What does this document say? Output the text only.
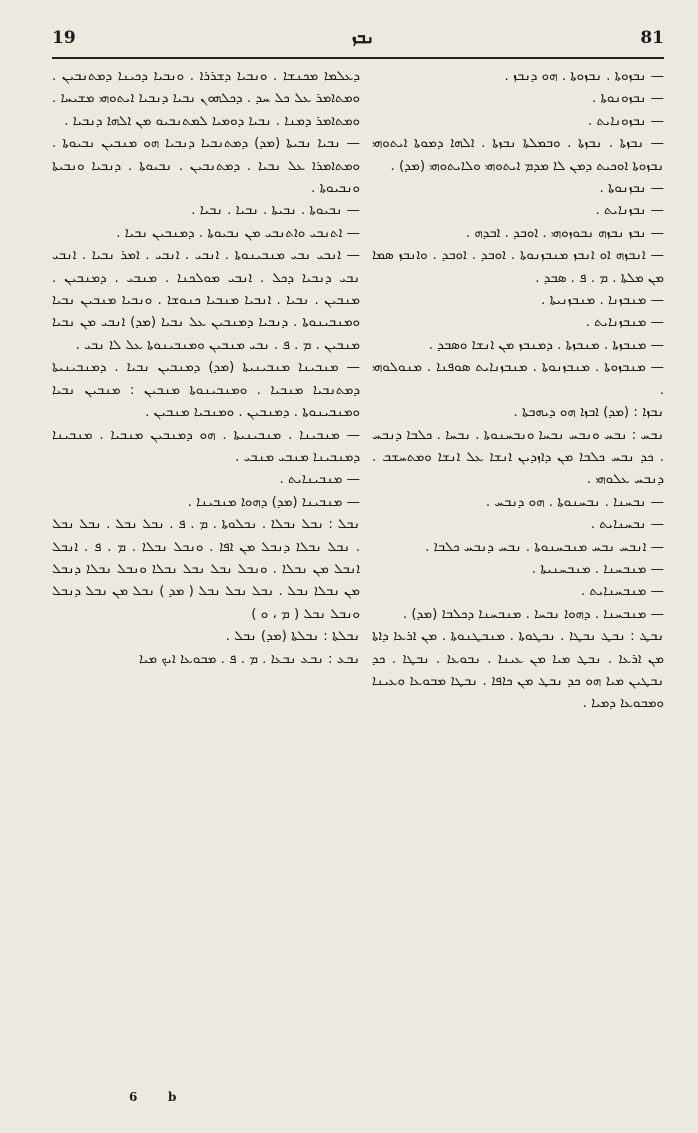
19	ܢܒܙ	81

— ܢܒܙܘܬܐ . ܢܒܙܘܬܐ . ܗܘ ܕܢܒܙ .

— ܢܒܙܘܢܘܬܐ .

— ܢܒܙܘܢܐܝܬ .

— ܢܒܙܬܐ . ܢܒܙܬܐ . ܘܒܡܠܬܐ ܢܒܙܬܐ . ܐܠܗܐ ܕܡܘܬܐ ܐܝܬܘܗܝ ܢܒܙܘܬܐ ܐܘܟܝܬ ܕܡܢ ܠܐ ܡܕܡ ܐܝܬܘܗܝ ܘܠܐܝܬܘܗܝ (ܡܕ) .

— ܢܒܙܢܘܬܐ .

— ܢܒܙܢܐܝܬ .

— ܢܒܙ ܢܒܙܗ ܢܒܘܙܘܗܝ . ܐܘܒܕ . ܐܒܕܗ .

— ܐܢܒܙܗ ܐܘ ܐܢܒܙ ܡܢܒܙܢܘܬܐ . ܐܘܒܕ . ܐܘܒܕ . ܘܐܢܒܙ ܣܡܐ ܡܢ ܡܠܬܐ . ܡ . ܦ . ܣܒܕ .

— ܡܢܒܙܢܐ . ܡܢܒܙܢܝܬܐ .

— ܡܢܒܙܢܐܝܬ .

— ܡܢܒܙܬܐ . ܡܢܒܙܬܐ . ܕܡܢܒܙ ܡܢ ܐܢܫܐ ܘܣܒܕ .

— ܡܢܒܙܘܬܐ . ܡܢܒܙܢܘܬܐ . ܡܢܒܙܢܐܝܬ ܣܘܦܢܐ . ܡܢܘܠܘܗܝ .

ܢܒܙܐ : (ܡܕ) ܐܒܙܐ ܗܘ ܕܝܗܒܬܐ .

ܢܒܚ : ܢܒܚ ܘܢܒܚ ܢܒܚܐ ܘܢܒܚܢܘܬܐ . ܢܒܚܐ . ܟܠܒܐ ܕܢܒܚ . ܟܕ ܢܒܚ ܟܠܒܐ ܡܢ ܕܐܙܕܝܢ ܐܢܫܐ ܥܠ ܐܢܫܐ ܘܡܬܚܫܒ . ܕܢܒܚ ܥܠܘܗܝ .

— ܢܒܚܢܐ . ܢܒܚܢܘܬܐ . ܗܘ ܕܢܒܚ .

— ܢܒܚܢܐܝܬ .

— ܐܢܒܚ ܢܒܚ ܡܢܒܚܢܘܬܐ . ܢܒܚ ܕܢܒܚ ܟܠܒܐ .

— ܡܢܒܚܢܐ . ܡܢܒܚܢܝܬܐ .

— ܡܢܒܚܢܐܝܬ .

— ܡܢܒܚܢܐ . ܕܗܘܐ ܢܒܚܐ . ܡܢܒܚܢܐ ܕܟܠܒܐ (ܡܕ) .

ܢܒܛ : ܢܒܛ ܢܒܛܐ . ܢܒܛܘܬܐ . ܡܢܒܛܢܘܬܐ . ܡܢ ܐܪܥܐ ܕܐܬܐ ܡܢ ܐܪܥܐ . ܢܒܛ ܡܝܐ ܡܢ ܥܝܢܐ . ܢܒܘܥܐ . ܢܒܛܐ . ܟܕ ܢܒܛܝܢ ܡܝܐ ܗܘ ܟܕ ܢܒܛ ܡܢ ܟܐܦܐ . ܢܒܛܐ ܡܒܘܥܐ ܘܥܝܢܐ ܘܡܒܘܥܐ ܕܡܝܐ .

ܕܥܠܡܐ ܡܟܢܫܐ . ܘܢܒܝܐ ܕܫܪܪܐ . ܘܢܒܝܐ ܕܟܝܢܐ ܕܡܬܢܒܝܢ . ܘܡܬܐܡܪ ܥܠ ܟܠ ܚܕ . ܕܟܠܗܘܢ ܢܒܝܐ ܕܢܒܝܐ ܐܝܬܘܗܝ ܡܫܝܚܐ . ܘܡܬܐܡܪ ܕܡܢܐ . ܢܒܝܐ ܕܘܡܝܐ ܠܡܬܢܒܝܘ ܡܢ ܐܠܗܐ ܕܢܒܝܐ .

— ܢܒܝܐ ܢܒܝܬܐ (ܡܕ) ܕܡܬܢܒܝܐ ܕܢܒܝܐ ܗܘ ܡܢܒܝܢ ܢܒܝܘܬܐ . ܘܡܬܐܡܪܐ ܥܠ ܢܒܝܐ . ܕܡܬܢܒܝܢ . ܢܒܝܘܬܐ . ܕܢܒܝܐ ܘܢܒܝܬܐ ܘܢܒܝܘܬܐ .

— ܢܒܝܘܬܐ . ܢܒܝܬܐ . ܢܒܝܐ . ܢܒܝܐ .

— ܐܬܢܒܝ ܘܐܬܢܒܝ ܡܢ ܢܒܝܘܬܐ . ܕܡܢܒܝܢ ܢܒܝܐ .

— ܐܢܒܝ ܢܒܝ ܡܢܒܝܢܘܬܐ . ܐܢܒܝ . ܐܢܒܝ . ܐܡܪ ܢܒܝܐ . ܐܢܒܝ ܢܒܝ ܕܢܒܝܐ ܕܟܠ . ܐܢܒܝ ܡܘܠܟܢܐ . ܡܢܒܝ . ܕܡܢܒܝܢ . ܡܢܒܝܢ . ܢܒܝܐ . ܐܢܒܝܐ ܡܢܒܝܐ ܟܢܘܫܐ . ܘܢܒܝܐ ܡܢܒܝܢ ܢܒܝܐ ܘܡܢܒܝܢܘܬܐ . ܕܢܒܝܐ ܕܡܢܒܝܢ ܥܠ ܢܒܝܐ (ܡܕ) ܐܢܒܝ ܡܢ ܢܒܝܐ ܡܢܒܝܢ . ܡ . ܦ . ܢܒܝ ܡܢܒܝܢ ܘܡܢܒܝܢܘܬܐ ܥܠ ܠܐ ܢܒܝ .

— ܡܢܒܝܢܐ ܡܢܒܝܢܝܬܐ (ܡܕ) ܕܡܢܒܝܢ ܢܒܝܐ . ܕܡܢܒܝܢܝܬܐ ܕܡܬܢܒܝܐ ܡܢܒܝܐ . ܘܡܢܒܝܢܘܬܐ ܡܢܒܝܢ : ܡܢܒܝܢ ܢܒܝܐ ܘܡܢܒܝܢܘܬܐ . ܕܡܢܒܝܢ . ܘܡܢܒܝܐ ܡܢܒܝܢ .

— ܡܢܒܝܢܐ . ܡܢܒܝܢܝܬܐ . ܗܘ ܕܡܢܒܝܢ ܡܢܒܝܐ . ܡܢܒܝܢܐ ܕܡܢܒܝܢܐ ܡܢܒܝ ܡܢܒܝ .

— ܡܢܒܝܢܐܝܬ .

— ܡܢܒܝܢܐ (ܡܕ) ܕܗܘܐ ܡܢܒܝܢܐ .

ܢܒܠ : ܢܒܠ ܢܒܠܐ . ܢܒܠܘܬܐ . ܡ . ܦ . ܢܒܠ ܢܒܠ . ܢܒܠ ܢܒܠ . ܢܒܠ ܢܒܠܐ ܕܢܒܠ ܡܢ ܐܦܐ . ܘܢܒܠ ܢܒܠܐ . ܡ . ܦ . ܐܢܒܠ ܐܢܒܠ ܡܢ ܢܒܠܐ . ܘܢܒܠ ܢܒܠ ܢܒܠ ܢܒܠܐ ܘܢܒܠ ܢܒܠܐ ܕܢܒܠ ܡܢ ܢܒܠܐ ܢܒܠ . ܢܒܠ ܢܒܠ ܢܒܠ ( ܡܕ ) ܢܒܠ ܡܢ ܢܒܠ ܕܢܒܠ ܘܢܒܠ ܢܒܠ ( ܡ ، ܘ )

ܢܒܠܬܐ : ܢܒܠܬܐ (ܡܕ) ܢܒܠ .

ܢܒܥ : ܢܒܥ ܢܒܥܐ . ܡ . ܦ . ܡܒܘܥܐ ܐܝܟ ܡܝܐ

6	b
